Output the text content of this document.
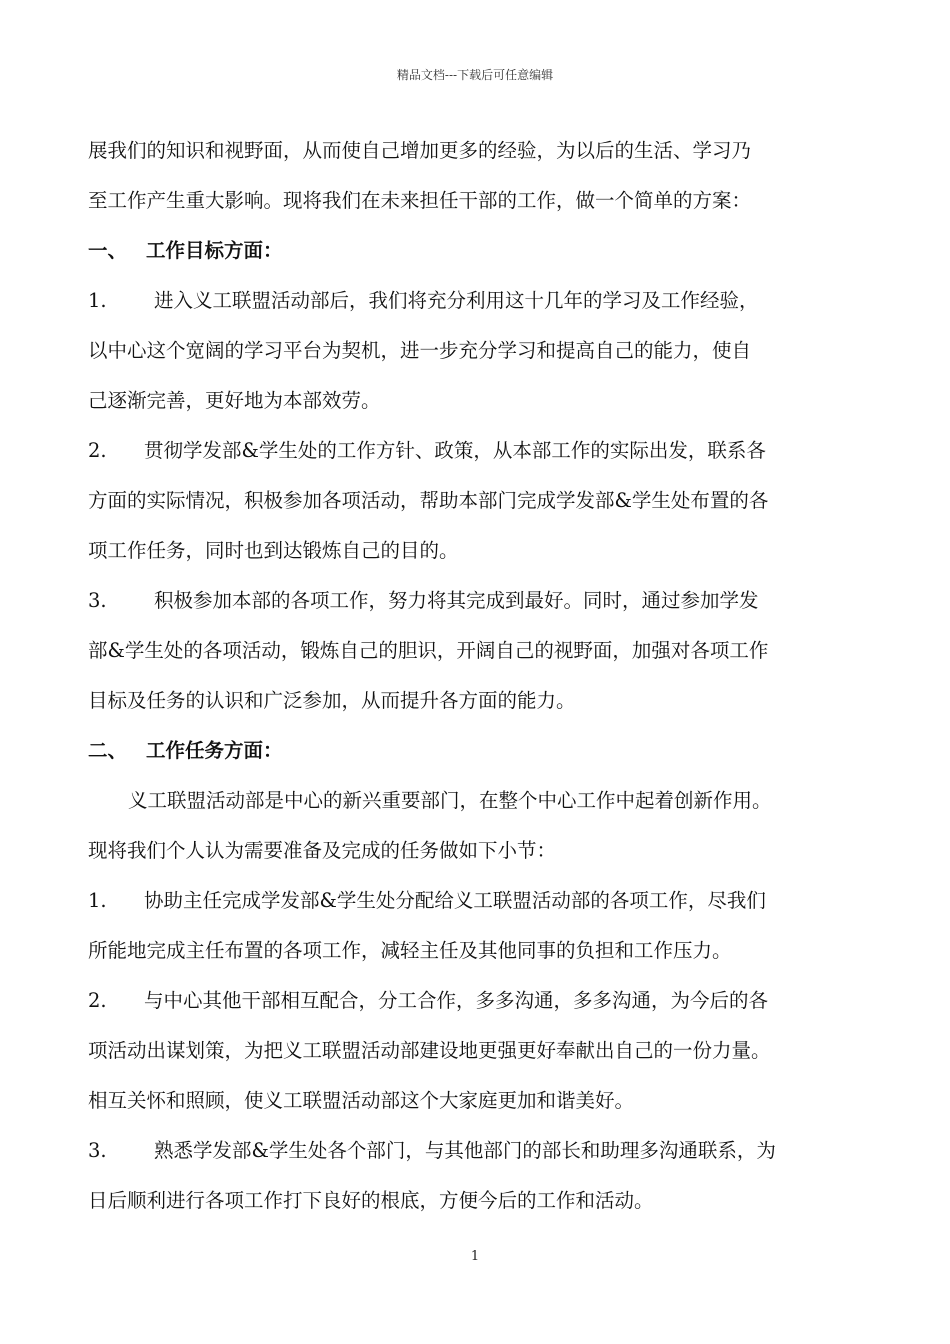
精品文档---下载后可任意编辑
展我们的知识和视野面，从而使自己增加更多的经验，为以后的生活、学习乃
至工作产生重大影响。现将我们在未来担任干部的工作，做一个简单的方案：
一、 工作目标方面：
1. 进入义工联盟活动部后，我们将充分利用这十几年的学习及工作经验，
以中心这个宽阔的学习平台为契机，进一步充分学习和提高自己的能力，使自
己逐渐完善，更好地为本部效劳。
2. 贯彻学发部&学生处的工作方针、政策，从本部工作的实际出发，联系各
方面的实际情况，积极参加各项活动，帮助本部门完成学发部&学生处布置的各
项工作任务，同时也到达锻炼自己的目的。
3. 积极参加本部的各项工作，努力将其完成到最好。同时，通过参加学发
部&学生处的各项活动，锻炼自己的胆识，开阔自己的视野面，加强对各项工作
目标及任务的认识和广泛参加，从而提升各方面的能力。
二、 工作任务方面：
义工联盟活动部是中心的新兴重要部门，在整个中心工作中起着创新作用。
现将我们个人认为需要准备及完成的任务做如下小节：
1. 协助主任完成学发部&学生处分配给义工联盟活动部的各项工作，尽我们
所能地完成主任布置的各项工作，减轻主任及其他同事的负担和工作压力。
2. 与中心其他干部相互配合，分工合作，多多沟通，多多沟通，为今后的各
项活动出谋划策，为把义工联盟活动部建设地更强更好奉献出自己的一份力量。
相互关怀和照顾，使义工联盟活动部这个大家庭更加和谐美好。
3. 熟悉学发部&学生处各个部门，与其他部门的部长和助理多沟通联系，为
日后顺利进行各项工作打下良好的根底，方便今后的工作和活动。
1
